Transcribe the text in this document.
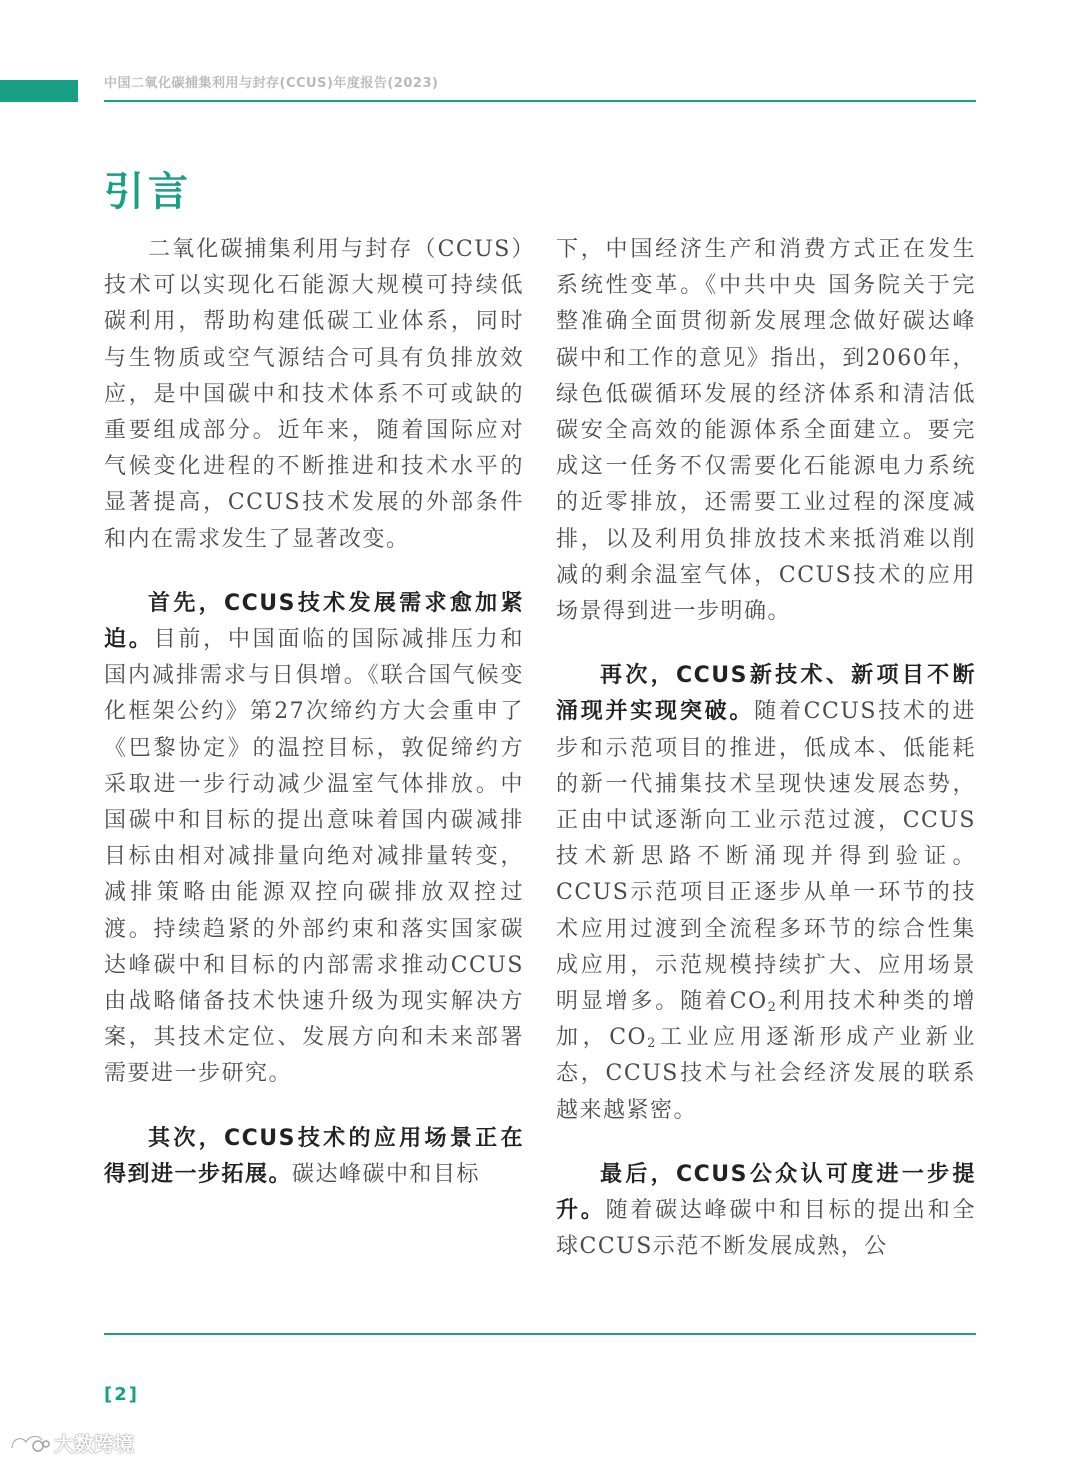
中国二氧化碳捕集利用与封存(CCUS)年度报告(2023)
引言

二氧化碳捕集利用与封存（CCUS）技术可以实现化石能源大规模可持续低碳利用，帮助构建低碳工业体系，同时与生物质或空气源结合可具有负排放效应，是中国碳中和技术体系不可或缺的重要组成部分。近年来，随着国际应对气候变化进程的不断推进和技术水平的显著提高，CCUS技术发展的外部条件和内在需求发生了显著改变。

首先，CCUS技术发展需求愈加紧迫。目前，中国面临的国际减排压力和国内减排需求与日俱增。《联合国气候变化框架公约》第27次缔约方大会重申了《巴黎协定》的温控目标，敦促缔约方采取进一步行动减少温室气体排放。中国碳中和目标的提出意味着国内碳减排目标由相对减排量向绝对减排量转变，减排策略由能源双控向碳排放双控过渡。持续趋紧的外部约束和落实国家碳达峰碳中和目标的内部需求推动CCUS由战略储备技术快速升级为现实解决方案，其技术定位、发展方向和未来部署需要进一步研究。

其次，CCUS技术的应用场景正在得到进一步拓展。碳达峰碳中和目标

下，中国经济生产和消费方式正在发生系统性变革。《中共中央 国务院关于完整准确全面贯彻新发展理念做好碳达峰碳中和工作的意见》指出，到2060年，绿色低碳循环发展的经济体系和清洁低碳安全高效的能源体系全面建立。要完成这一任务不仅需要化石能源电力系统的近零排放，还需要工业过程的深度减排，以及利用负排放技术来抵消难以削减的剩余温室气体，CCUS技术的应用场景得到进一步明确。

再次，CCUS新技术、新项目不断涌现并实现突破。随着CCUS技术的进步和示范项目的推进，低成本、低能耗的新一代捕集技术呈现快速发展态势，正由中试逐渐向工业示范过渡，CCUS技术新思路不断涌现并得到验证。CCUS示范项目正逐步从单一环节的技术应用过渡到全流程多环节的综合性集成应用，示范规模持续扩大、应用场景明显增多。随着$CO_2$利用技术种类的增加，$CO_2$工业应用逐渐形成产业新业态，CCUS技术与社会经济发展的联系越来越紧密。

最后，CCUS公众认可度进一步提升。随着碳达峰碳中和目标的提出和全球CCUS示范不断发展成熟，公

[2]
大数跨境
